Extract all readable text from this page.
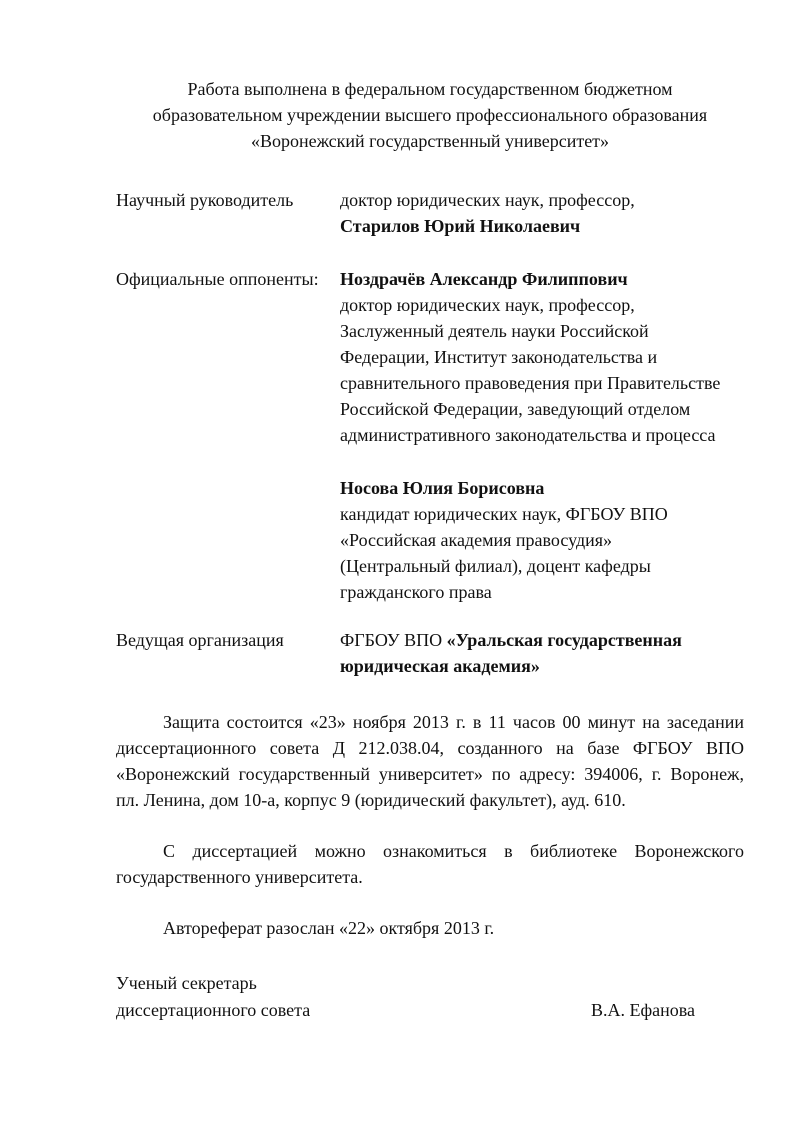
Работа выполнена в федеральном государственном бюджетном
образовательном учреждении высшего профессионального образования
«Воронежский государственный университет»
Научный руководитель	доктор юридических наук, профессор,
Старилов Юрий Николаевич
Официальные оппоненты: Ноздрачёв Александр Филиппович
доктор юридических наук, профессор,
Заслуженный деятель науки Российской
Федерации, Институт законодательства и
сравнительного правоведения при Правительстве
Российской Федерации, заведующий отделом
административного законодательства и процесса
Носова Юлия Борисовна
кандидат юридических наук, ФГБОУ ВПО
«Российская академия правосудия»
(Центральный филиал), доцент кафедры
гражданского права
Ведущая организация	ФГБОУ ВПО «Уральская государственная
юридическая академия»
Защита состоится «23» ноября 2013 г. в 11 часов 00 минут на заседании
диссертационного совета Д 212.038.04, созданного на базе ФГБОУ ВПО
«Воронежский государственный университет» по адресу: 394006, г. Воронеж,
пл. Ленина, дом 10-а, корпус 9 (юридический факультет), ауд. 610.
С диссертацией можно ознакомиться в библиотеке Воронежского
государственного университета.
Автореферат разослан «22» октября 2013 г.
Ученый секретарь
диссертационного совета	В.А. Ефанова
